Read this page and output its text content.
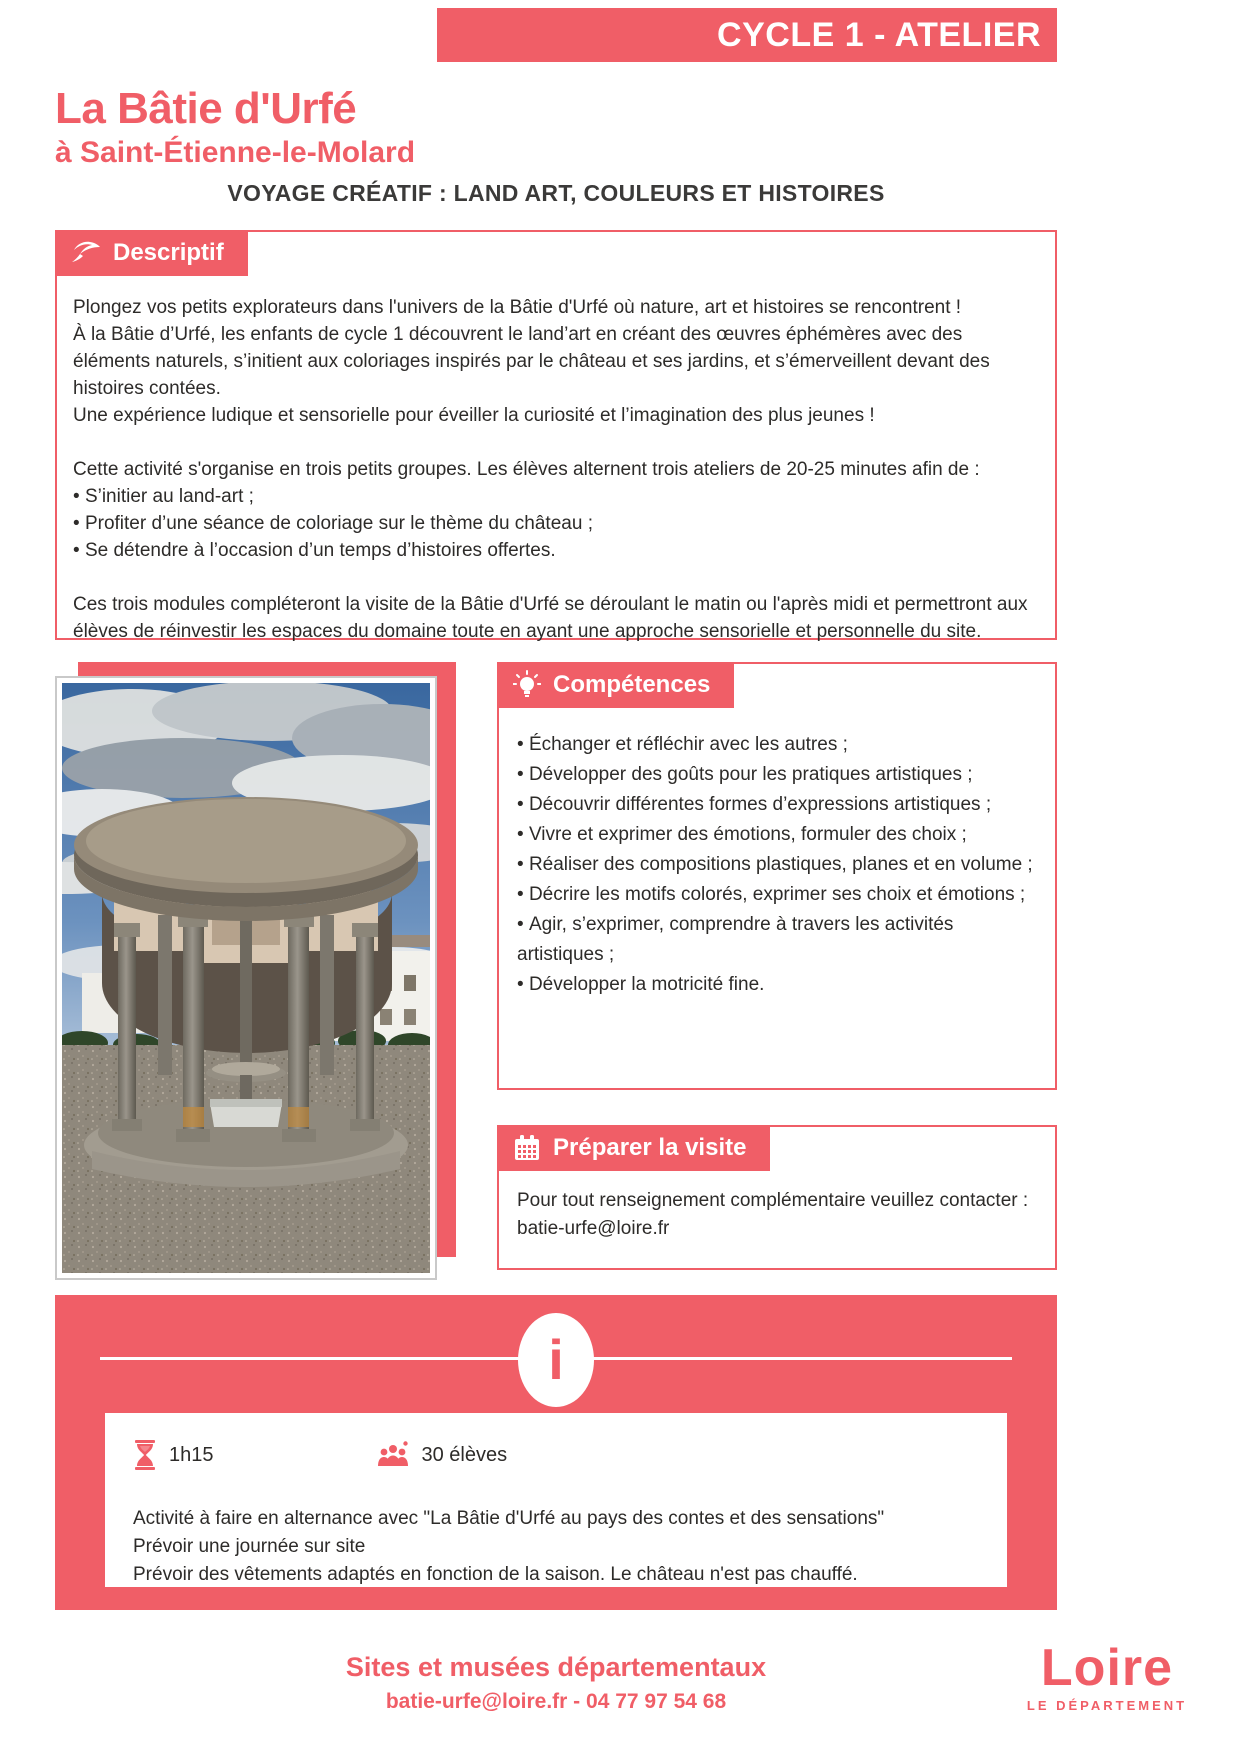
CYCLE 1 - ATELIER
La Bâtie d'Urfé
à Saint-Étienne-le-Molard
VOYAGE CRÉATIF : LAND ART, COULEURS ET HISTOIRES
Descriptif
Plongez vos petits explorateurs dans l'univers de la Bâtie d'Urfé où nature, art et histoires se rencontrent !
À la Bâtie d’Urfé, les enfants de cycle 1 découvrent le land’art en créant des œuvres éphémères avec des éléments naturels, s’initient aux coloriages inspirés par le château et ses jardins, et s’émerveillent devant des histoires contées.
Une expérience ludique et sensorielle pour éveiller la curiosité et l’imagination des plus jeunes !
Cette activité s'organise en trois petits groupes. Les élèves alternent trois ateliers de 20-25 minutes afin de :
• S’initier au land-art ;
• Profiter d’une séance de coloriage sur le thème du château ;
• Se détendre à l’occasion d’un temps d’histoires offertes.
Ces trois modules compléteront la visite de la Bâtie d'Urfé se déroulant le matin ou l'après midi et permettront aux élèves de réinvestir les espaces du domaine toute en ayant une approche sensorielle et personnelle du site.
Compétences
• Échanger et réfléchir avec les autres ;
• Développer des goûts pour les pratiques artistiques ;
• Découvrir différentes formes d’expressions artistiques ;
• Vivre et exprimer des émotions, formuler des choix ;
• Réaliser des compositions plastiques, planes et en volume ;
• Décrire les motifs colorés, exprimer ses choix et émotions ;
• Agir, s’exprimer, comprendre à travers les activités artistiques ;
• Développer la motricité fine.
Préparer la visite
Pour tout renseignement complémentaire veuillez contacter :
batie-urfe@loire.fr
i
1h15	30 élèves
Activité à faire en alternance avec "La Bâtie d'Urfé au pays des contes et des sensations"
Prévoir une journée sur site
Prévoir des vêtements adaptés en fonction de la saison. Le château n'est pas chauffé.
Sites et musées départementaux
batie-urfe@loire.fr - 04 77 97 54 68
Loire
LE DÉPARTEMENT
